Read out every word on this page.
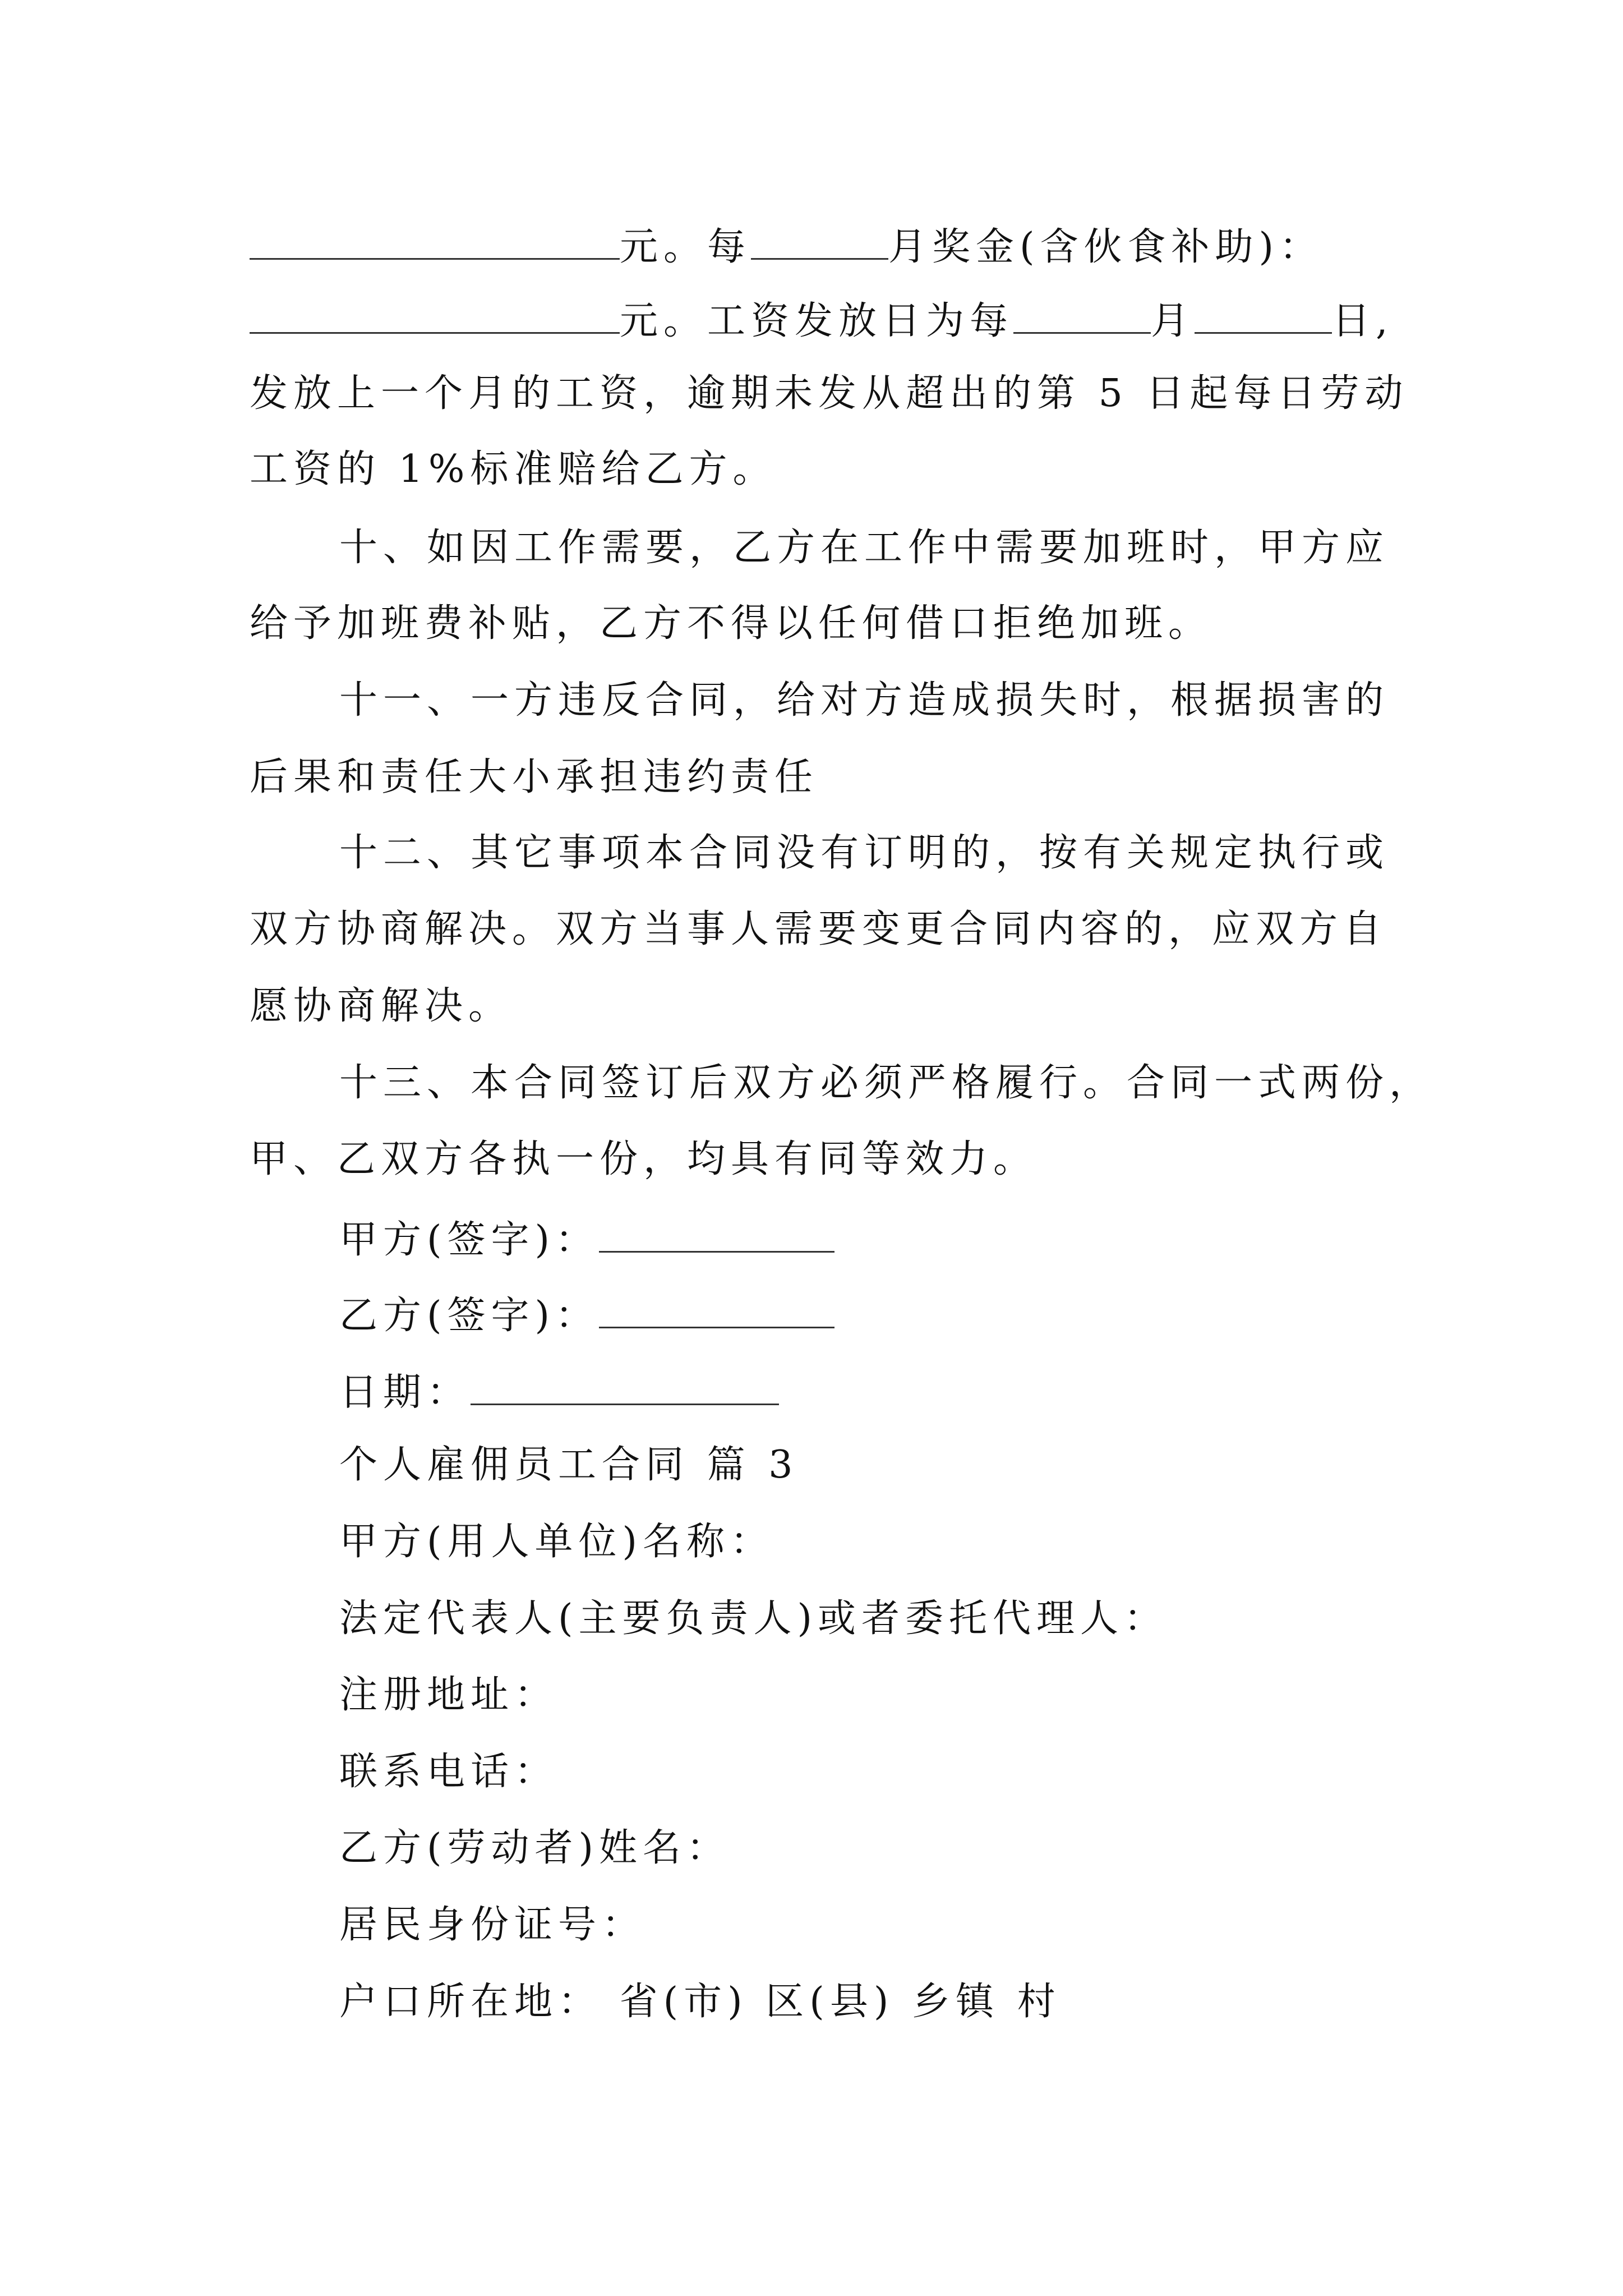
元。每	月奖金(含伙食补助)：
元。工资发放日为每	月	日,
发放上一个月的工资，逾期未发从超出的第 5 日起每日劳动
工资的 1%标准赔给乙方。
十、如因工作需要，乙方在工作中需要加班时，甲方应
给予加班费补贴，乙方不得以任何借口拒绝加班。
十一、一方违反合同，给对方造成损失时，根据损害的
后果和责任大小承担违约责任
十二、其它事项本合同没有订明的，按有关规定执行或
双方协商解决。双方当事人需要变更合同内容的，应双方自
愿协商解决。
十三、本合同签订后双方必须严格履行。合同一式两份，
甲、乙双方各执一份，均具有同等效力。
甲方(签字)：
乙方(签字)：
日期：
个人雇佣员工合同 篇 3
甲方(用人单位)名称：
法定代表人(主要负责人)或者委托代理人：
注册地址：
联系电话：
乙方(劳动者)姓名：
居民身份证号：
户口所在地： 省(市) 区(县) 乡镇 村
